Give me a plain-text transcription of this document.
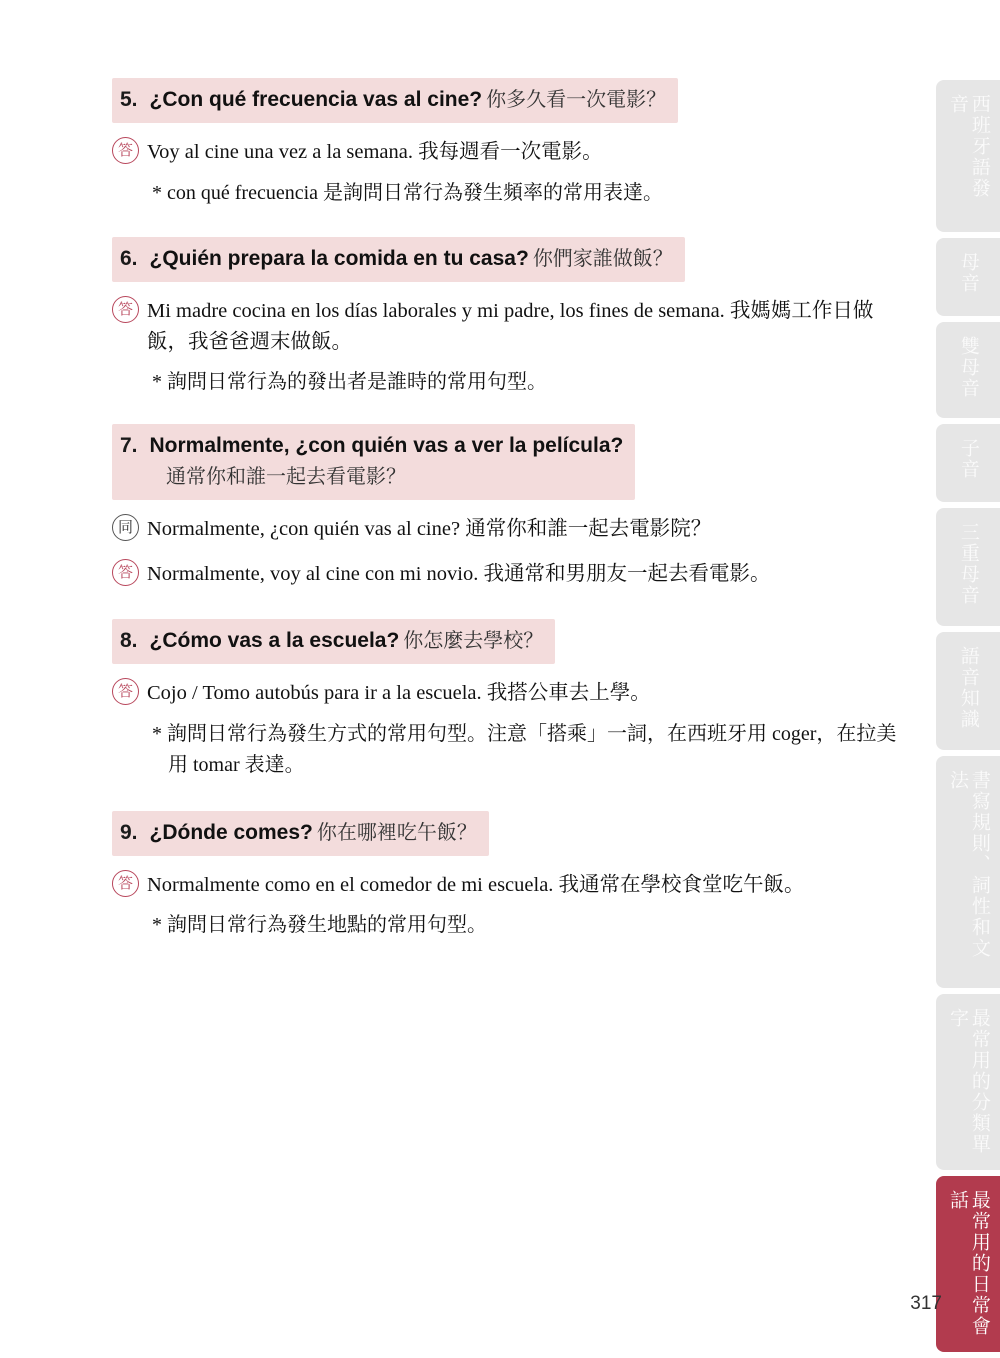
5. ¿Con qué frecuencia vas al cine? 你多久看一次電影？
答 Voy al cine una vez a la semana. 我每週看一次電影。
* con qué frecuencia 是詢問日常行為發生頻率的常用表達。
6. ¿Quién prepara la comida en tu casa? 你們家誰做飯？
答 Mi madre cocina en los días laborales y mi padre, los fines de semana. 我媽媽工作日做飯，我爸爸週末做飯。
* 詢問日常行為的發出者是誰時的常用句型。
7. Normalmente, ¿con quién vas a ver la película?
通常你和誰一起去看電影？
同 Normalmente, ¿con quién vas al cine? 通常你和誰一起去電影院？
答 Normalmente, voy al cine con mi novio. 我通常和男朋友一起去看電影。
8. ¿Cómo vas a la escuela? 你怎麼去學校？
答 Cojo / Tomo autobús para ir a la escuela. 我搭公車去上學。
* 詢問日常行為發生方式的常用句型。注意「搭乘」一詞，在西班牙用 coger，在拉美用 tomar 表達。
9. ¿Dónde comes? 你在哪裡吃午飯？
答 Normalmente como en el comedor de mi escuela. 我通常在學校食堂吃午飯。
* 詢問日常行為發生地點的常用句型。
西班牙語發音
母音
雙母音
子音
三重母音
語音知識
書寫規則、詞性和文法
最常用的分類單字
最常用的日常會話
317
